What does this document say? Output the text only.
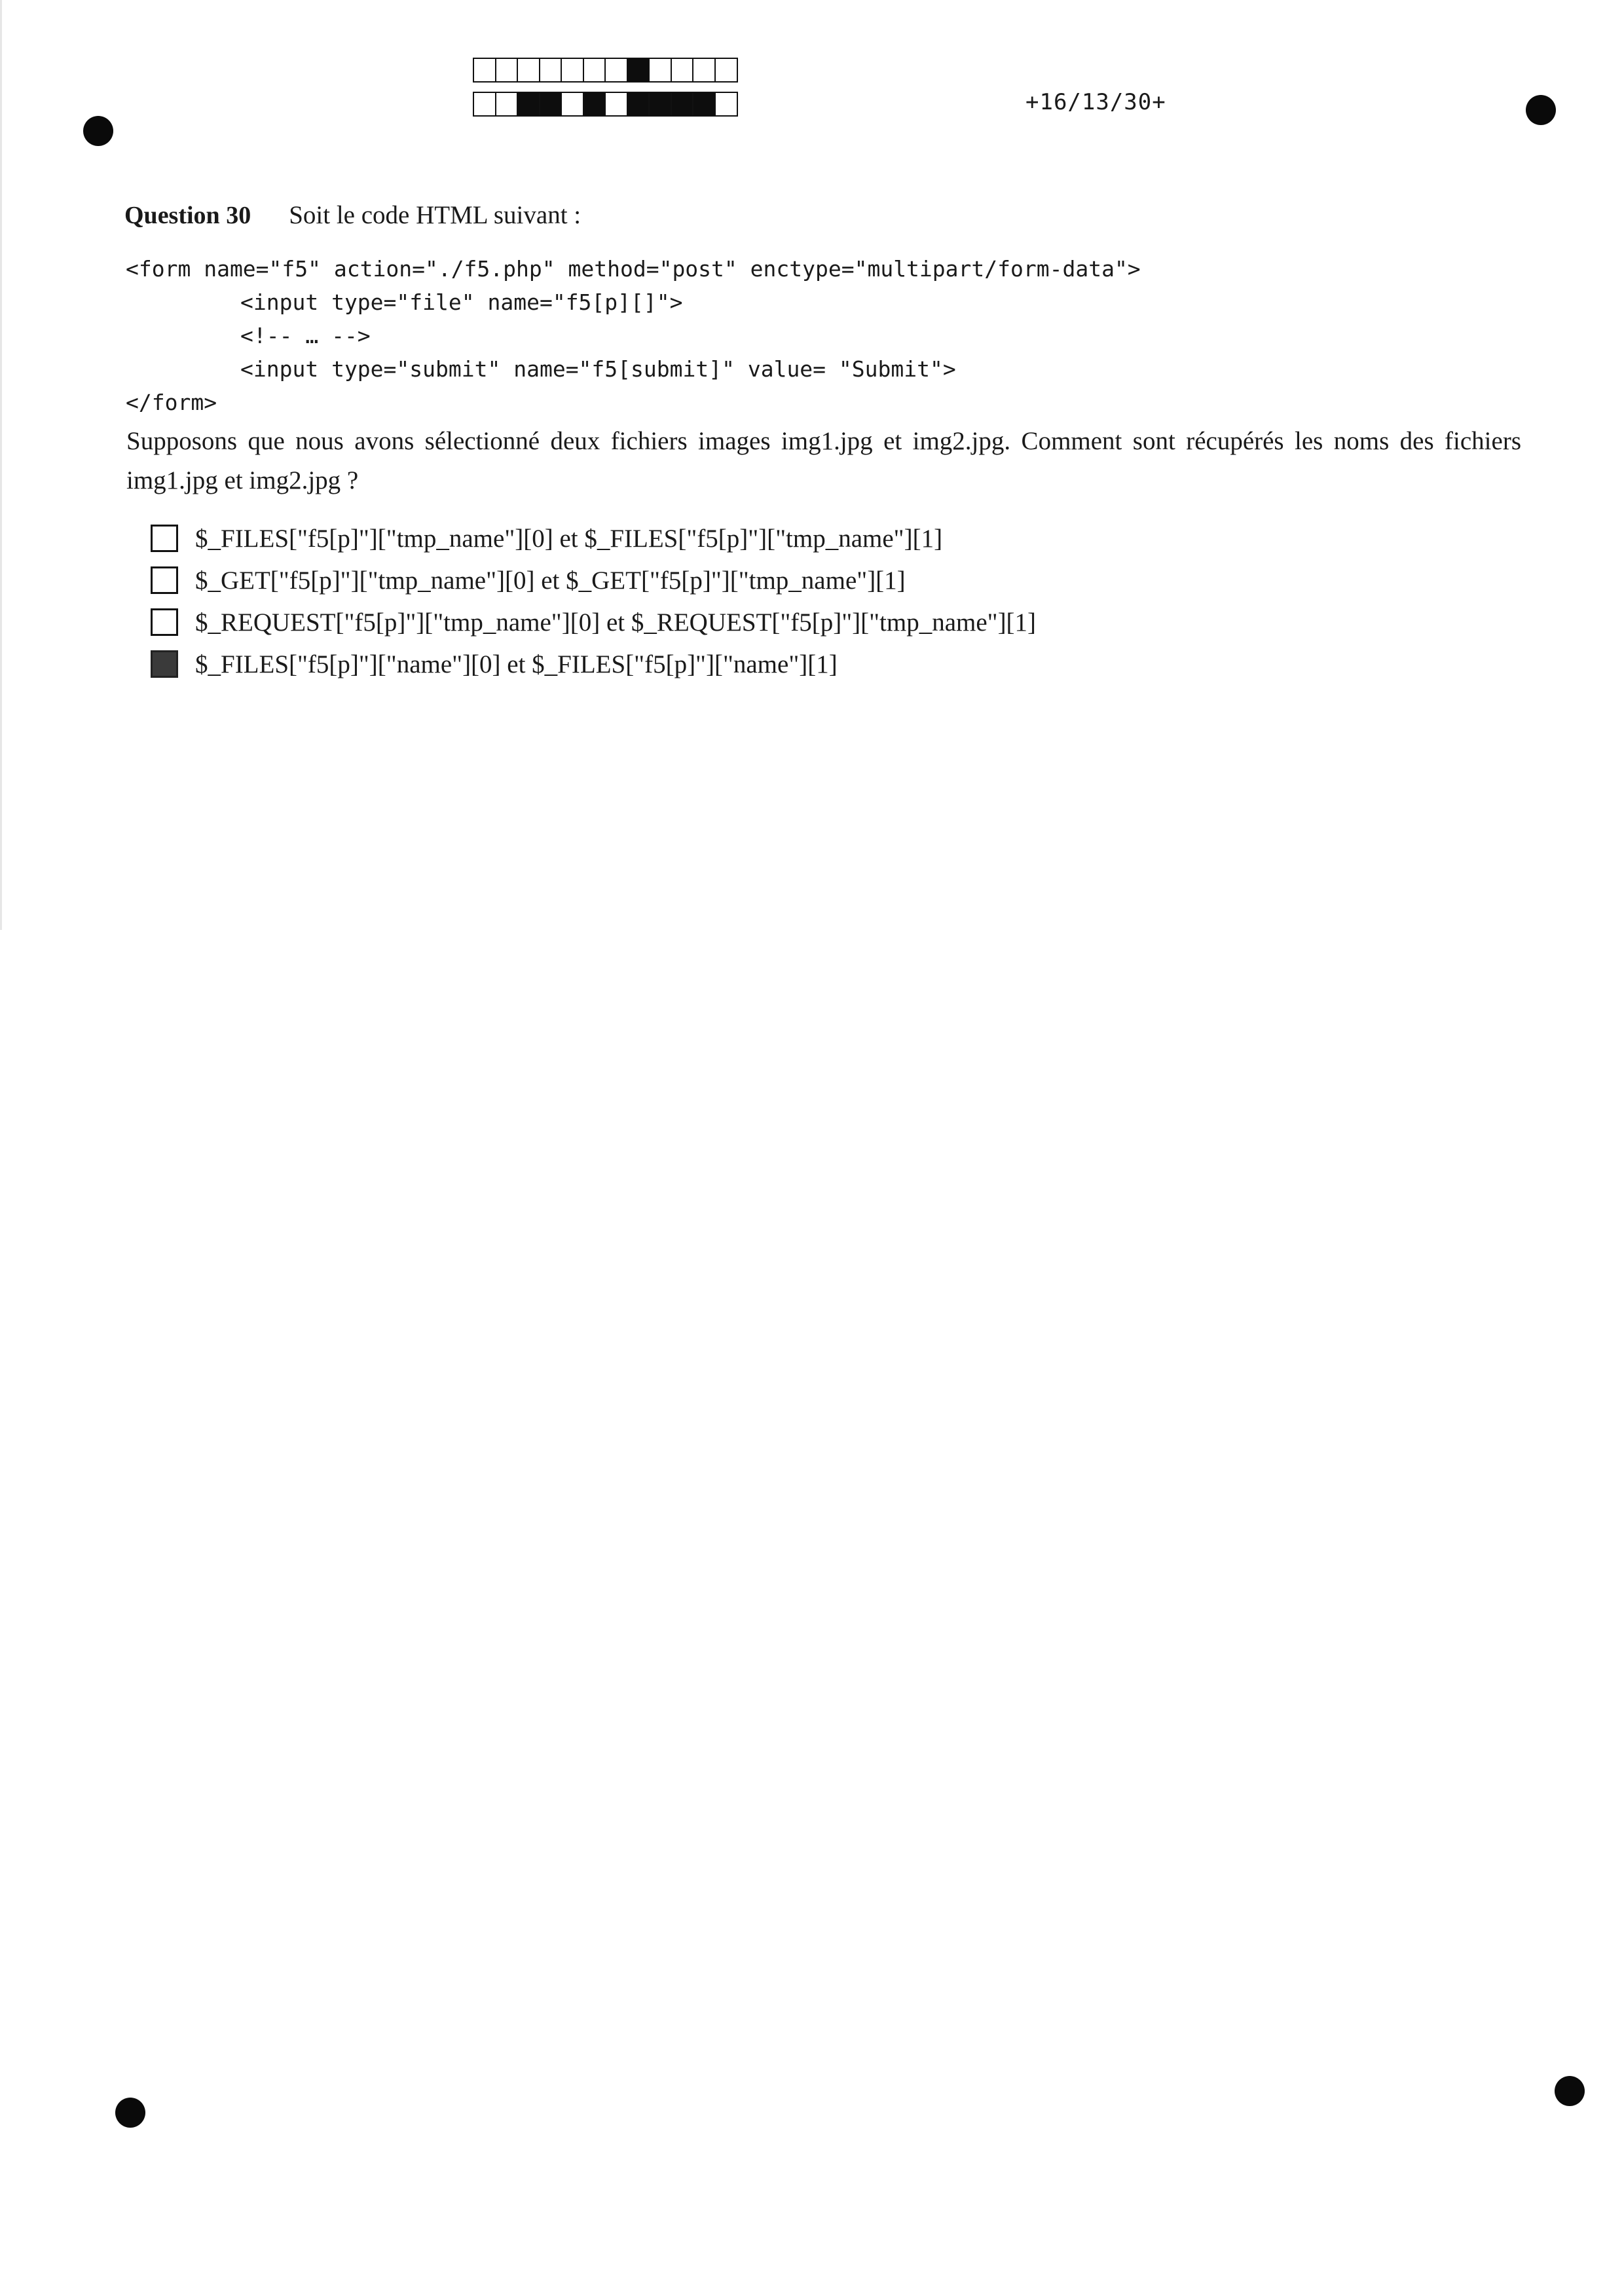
+16/13/30+
Question 30 Soit le code HTML suivant :
<form name="f5" action="./f5.php" method="post" enctype="multipart/form-data">
<input type="file" name="f5[p][]">
<!-- … -->
<input type="submit" name="f5[submit]" value= "Submit">
</form>
Supposons que nous avons sélectionné deux fichiers images img1.jpg et img2.jpg. Comment sont récupérés les noms des fichiers img1.jpg et img2.jpg ?
$_FILES["f5[p]"]["tmp_name"][0] et $_FILES["f5[p]"]["tmp_name"][1]
$_GET["f5[p]"]["tmp_name"][0] et $_GET["f5[p]"]["tmp_name"][1]
$_REQUEST["f5[p]"]["tmp_name"][0] et $_REQUEST["f5[p]"]["tmp_name"][1]
$_FILES["f5[p]"]["name"][0] et $_FILES["f5[p]"]["name"][1]
